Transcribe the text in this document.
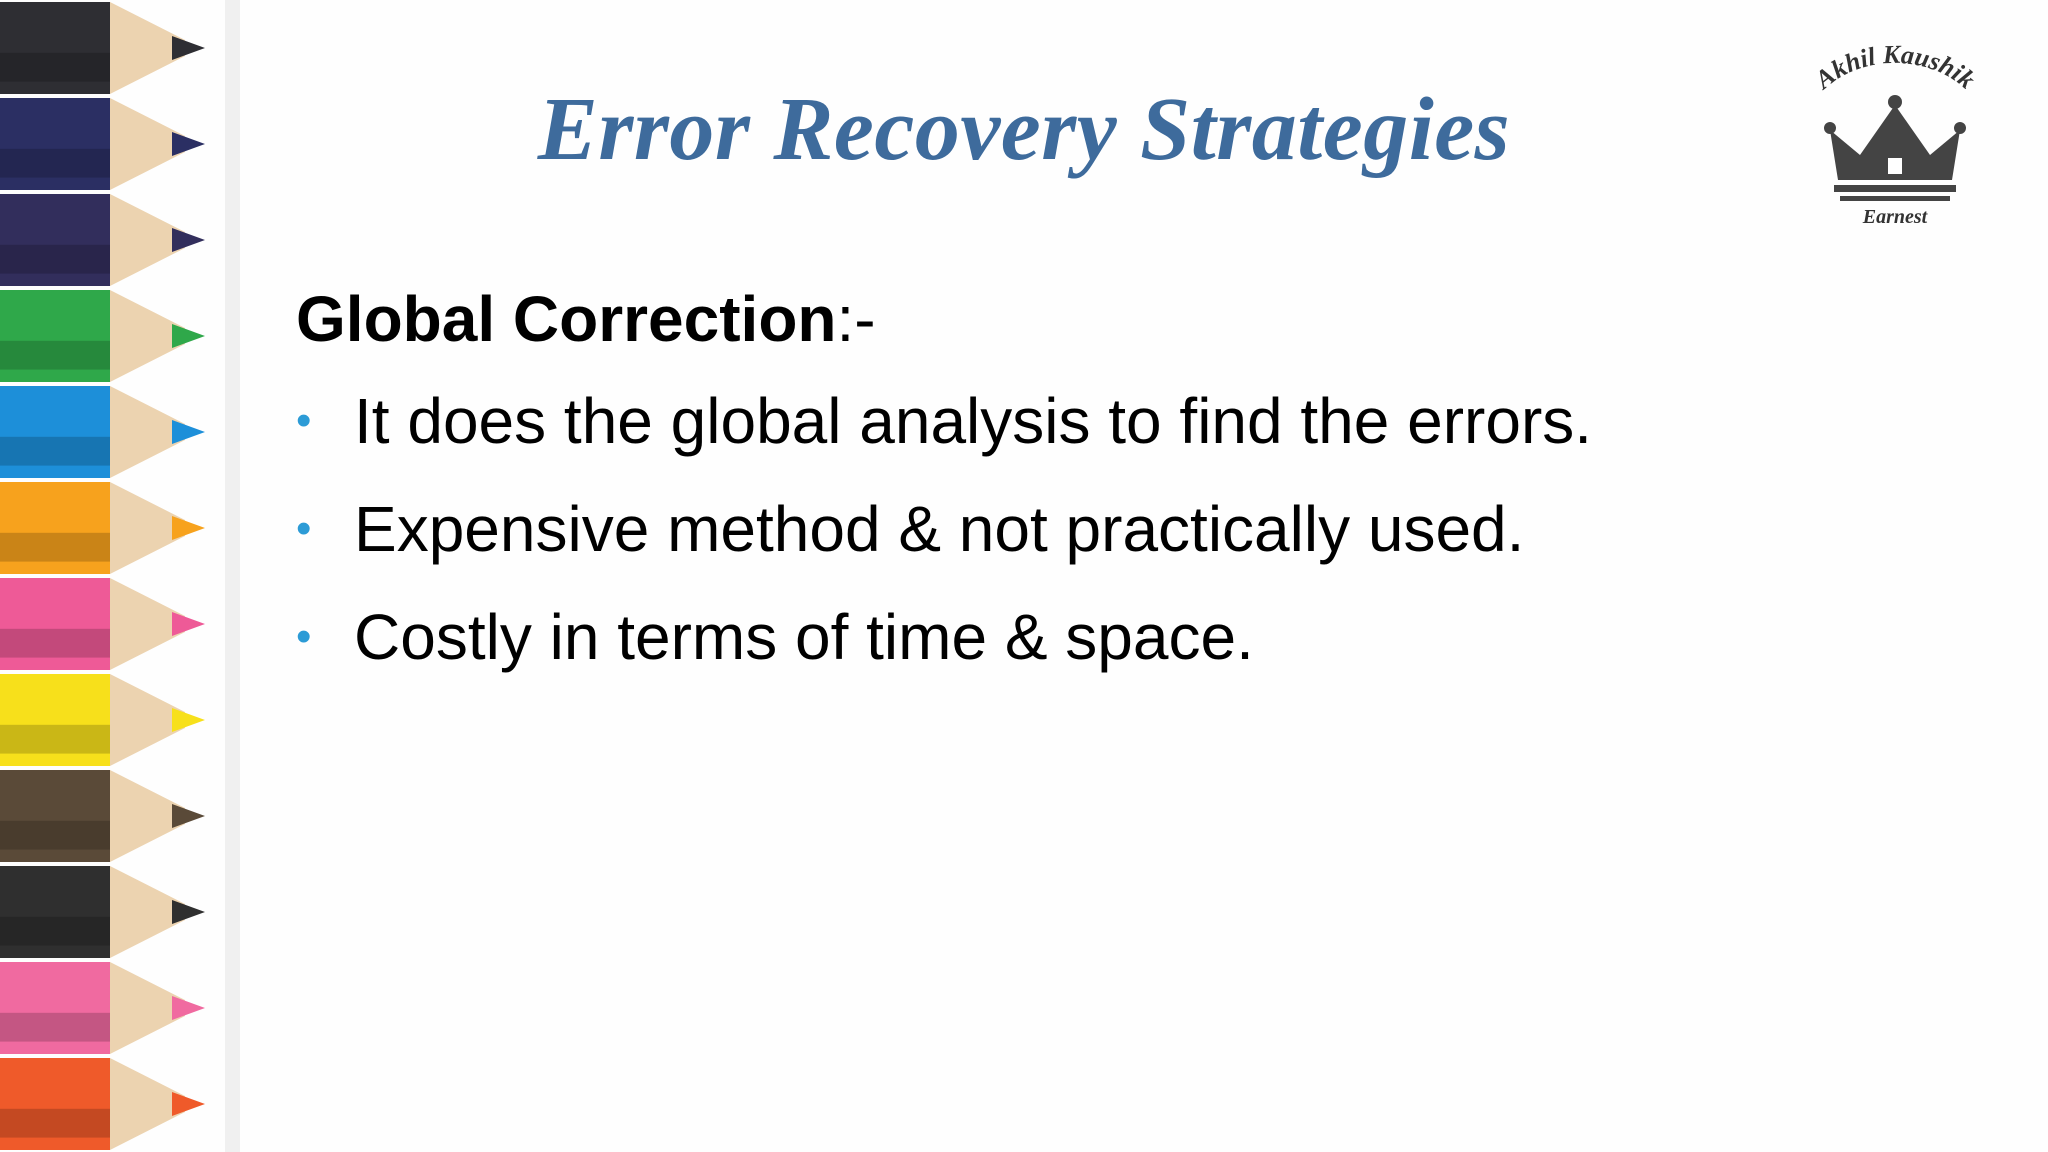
Error Recovery Strategies
Global Correction:-
• It does the global analysis to find the errors.
• Expensive method & not practically used.
• Costly in terms of time & space.
Akhil Kaushik
Earnest
